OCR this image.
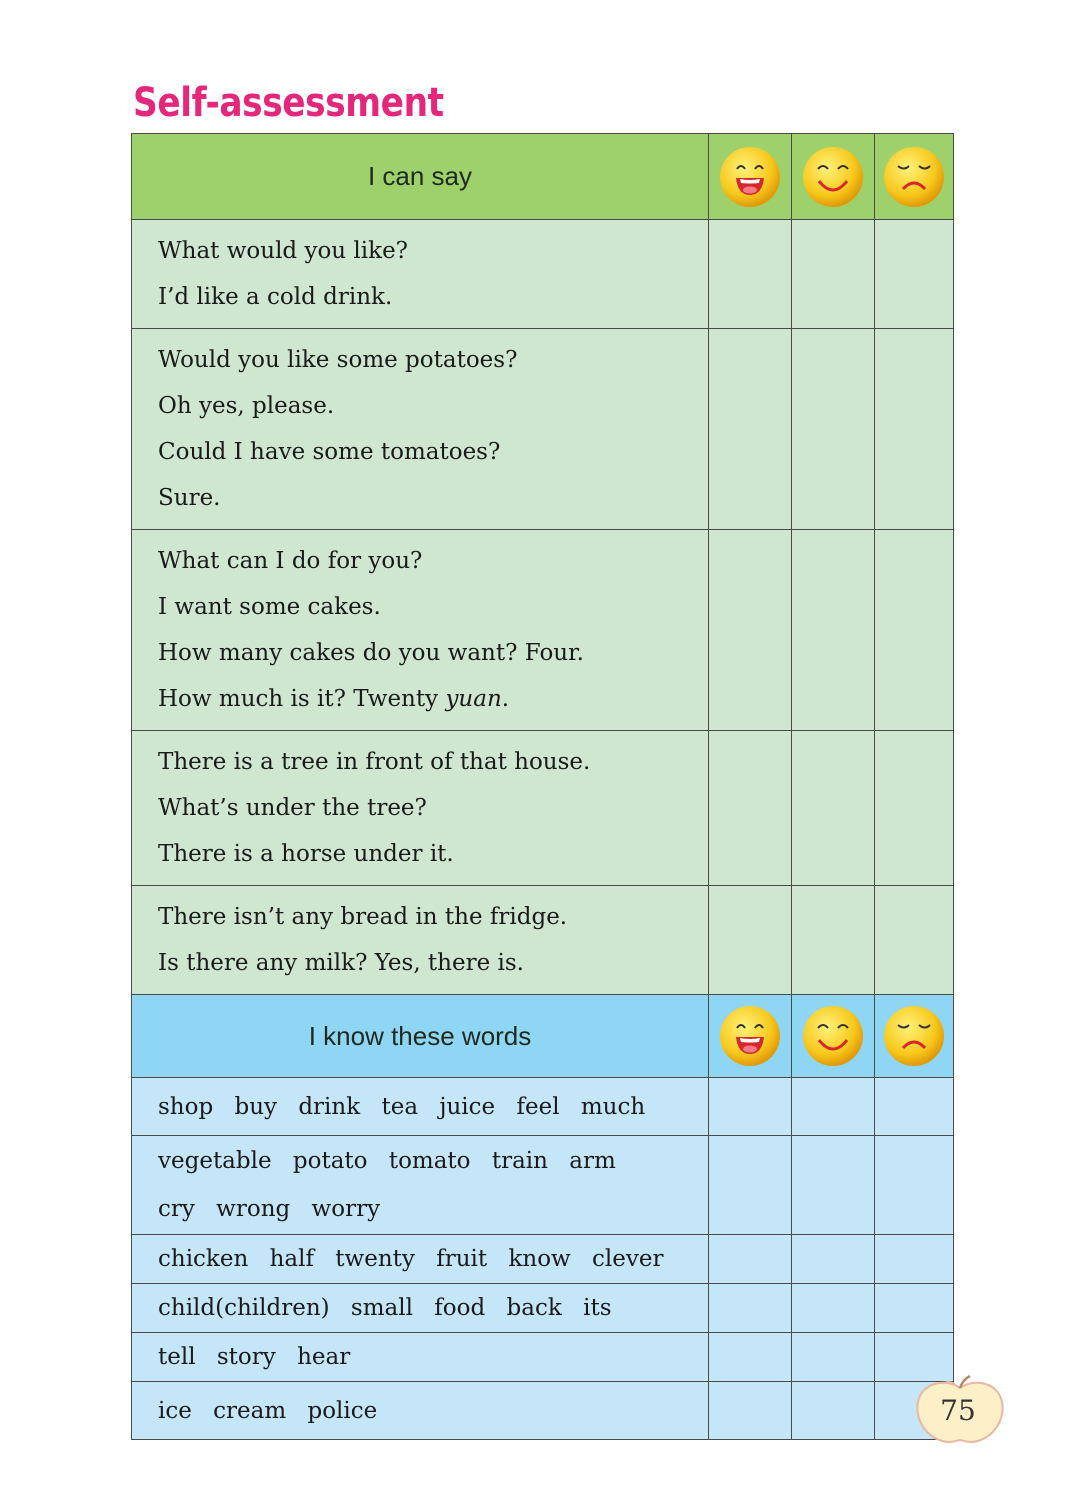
Self-assessment
I can say			

What would you like?
I’d like a cold drink.			

Would you like some potatoes?
Oh yes, please.
Could I have some tomatoes?
Sure.			

What can I do for you?
I want some cakes.
How many cakes do you want? Four.
How much is it? Twenty yuan.			

There is a tree in front of that house.
What’s under the tree?
There is a horse under it.			

There isn’t any bread in the fridge.
Is there any milk? Yes, there is.			

I know these words			

shop buy drink tea juice feel much			

vegetable potato tomato train arm
cry wrong worry			

chicken half twenty fruit know clever			

child(children) small food back its			

tell story hear			

ice cream police			
				75
